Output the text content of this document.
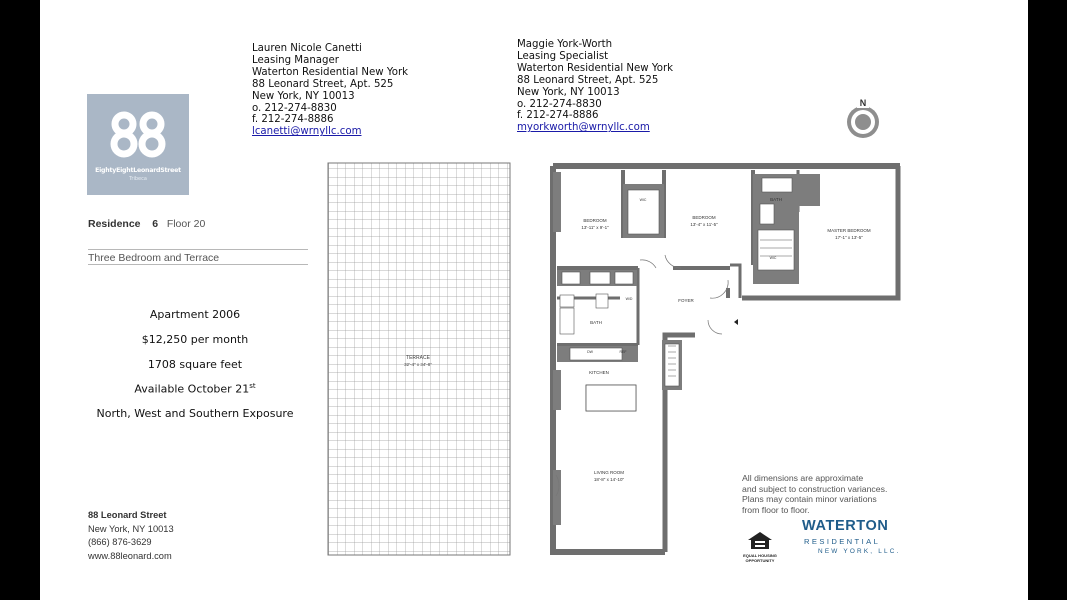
Lauren Nicole Canetti
Leasing Manager
Waterton Residential New York
88 Leonard Street, Apt. 525
New York, NY 10013
o. 212-274-8830
f. 212-274-8886
lcanetti@wrnyllc.com
Maggie York-Worth
Leasing Specialist
Waterton Residential New York
88 Leonard Street, Apt. 525
New York, NY 10013
o. 212-274-8830
f. 212-274-8886
myorkworth@wrnyllc.com
EightyEightLeonardStreet
Tribeca
Residence 6 Floor 20
Three Bedroom and Terrace
Apartment 2006
$12,250 per month
1708 square feet
Available October 21st
North, West and Southern Exposure
88 Leonard Street
New York, NY 10013
(866) 876-3629
www.88leonard.com
N
TERRACE
32'-4" x 34'-8"
BEDROOM
13'-11" x 9'-1"
BEDROOM
13'-4" x 11'-5"
MASTER BEDROOM
17'-1" x 13'-5"
FOYER
BATH
BATH
KITCHEN
LIVING ROOM
18'-8" x 14'-10"
WIC
WIC
W/D
DW	REF
All dimensions are approximate
and subject to construction variances.
Plans may contain minor variations
from floor to floor.
EQUAL HOUSING
OPPORTUNITY
WATERTON
RESIDENTIAL
NEW YORK, LLC.
